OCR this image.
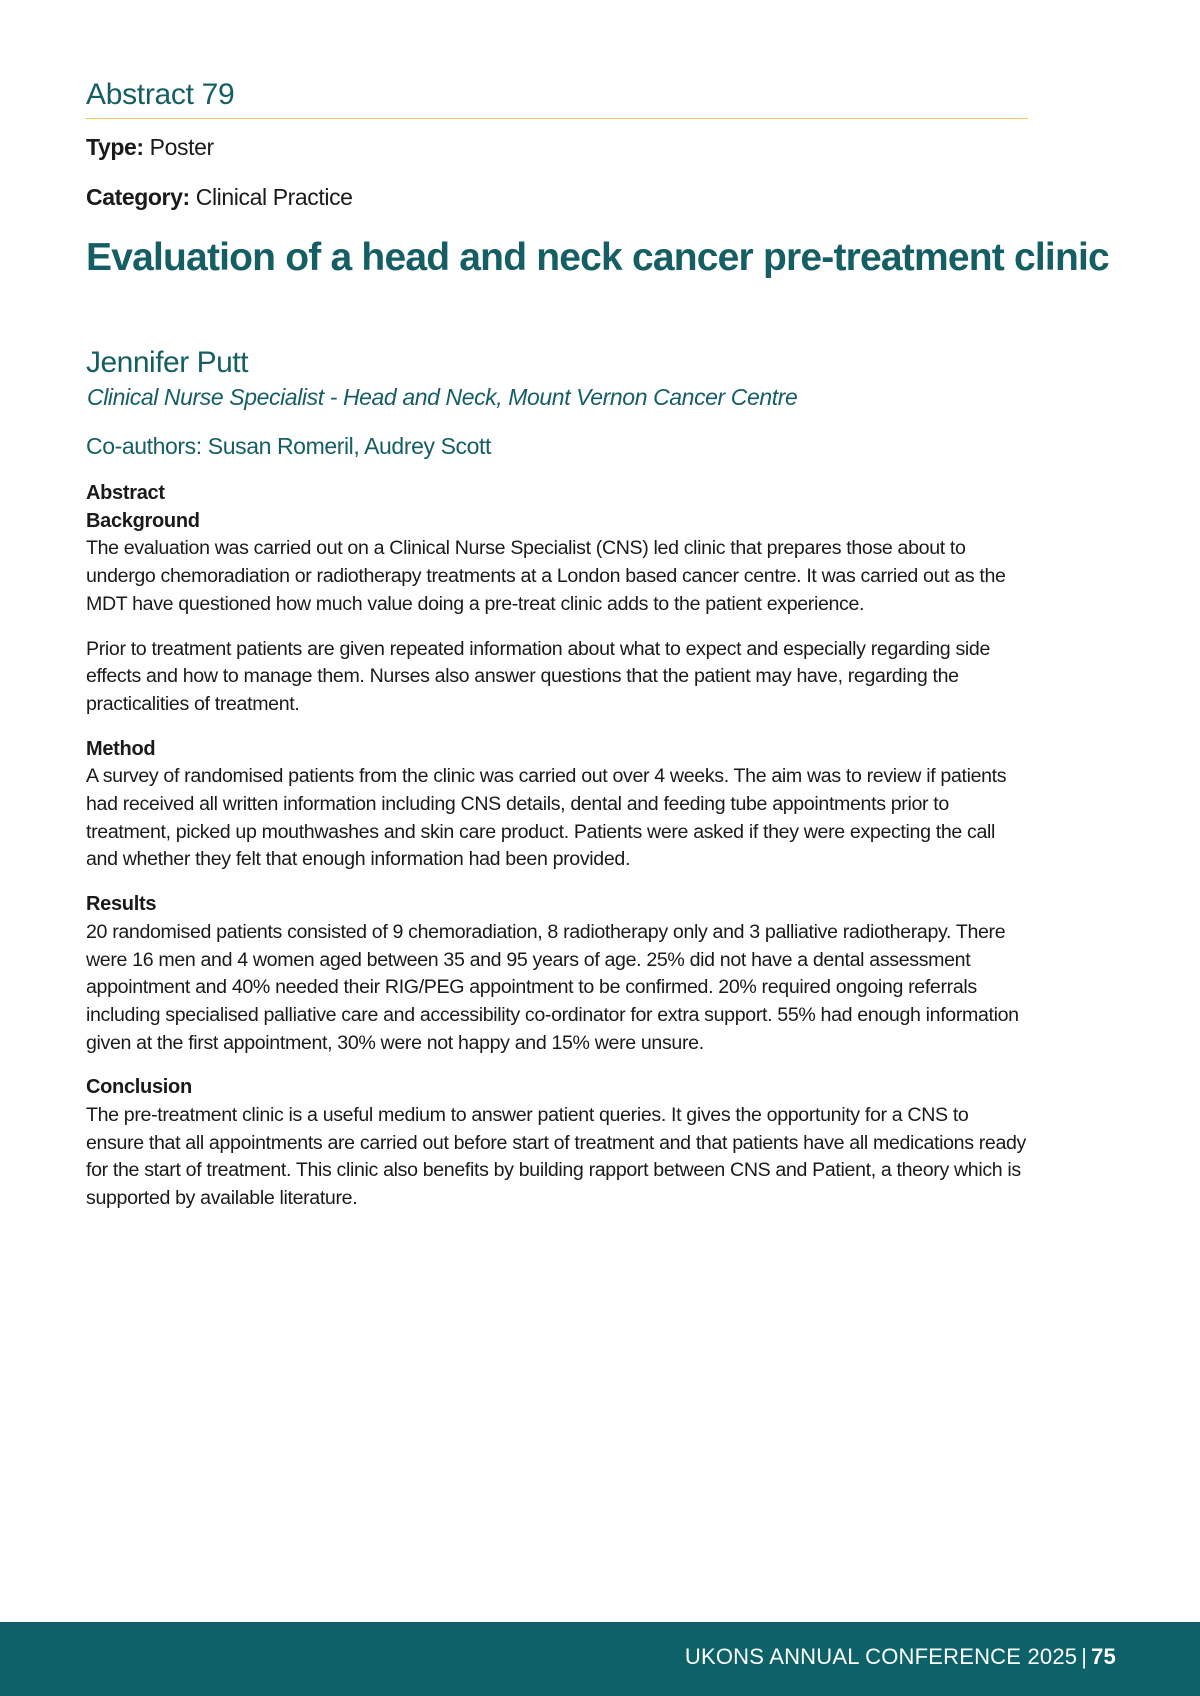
Abstract 79
Type: Poster
Category: Clinical Practice
Evaluation of a head and neck cancer pre-treatment clinic
Jennifer Putt
Clinical Nurse Specialist - Head and Neck, Mount Vernon Cancer Centre
Co-authors: Susan Romeril, Audrey Scott
Abstract
Background

The evaluation was carried out on a Clinical Nurse Specialist (CNS) led clinic that prepares those about to undergo chemoradiation or radiotherapy treatments at a London based cancer centre. It was carried out as the MDT have questioned how much value doing a pre-treat clinic adds to the patient experience.

Prior to treatment patients are given repeated information about what to expect and especially regarding side effects and how to manage them. Nurses also answer questions that the patient may have, regarding the practicalities of treatment.

Method

A survey of randomised patients from the clinic was carried out over 4 weeks. The aim was to review if patients had received all written information including CNS details, dental and feeding tube appointments prior to treatment, picked up mouthwashes and skin care product. Patients were asked if they were expecting the call and whether they felt that enough information had been provided.

Results

20 randomised patients consisted of 9 chemoradiation, 8 radiotherapy only and 3 palliative radiotherapy. There were 16 men and 4 women aged between 35 and 95 years of age. 25% did not have a dental assessment appointment and 40% needed their RIG/PEG appointment to be confirmed. 20% required ongoing referrals including specialised palliative care and accessibility co-ordinator for extra support. 55% had enough information given at the first appointment, 30% were not happy and 15% were unsure.

Conclusion

The pre-treatment clinic is a useful medium to answer patient queries. It gives the opportunity for a CNS to ensure that all appointments are carried out before start of treatment and that patients have all medications ready for the start of treatment. This clinic also benefits by building rapport between CNS and Patient, a theory which is supported by available literature.

UKONS ANNUAL CONFERENCE 2025 | 75
